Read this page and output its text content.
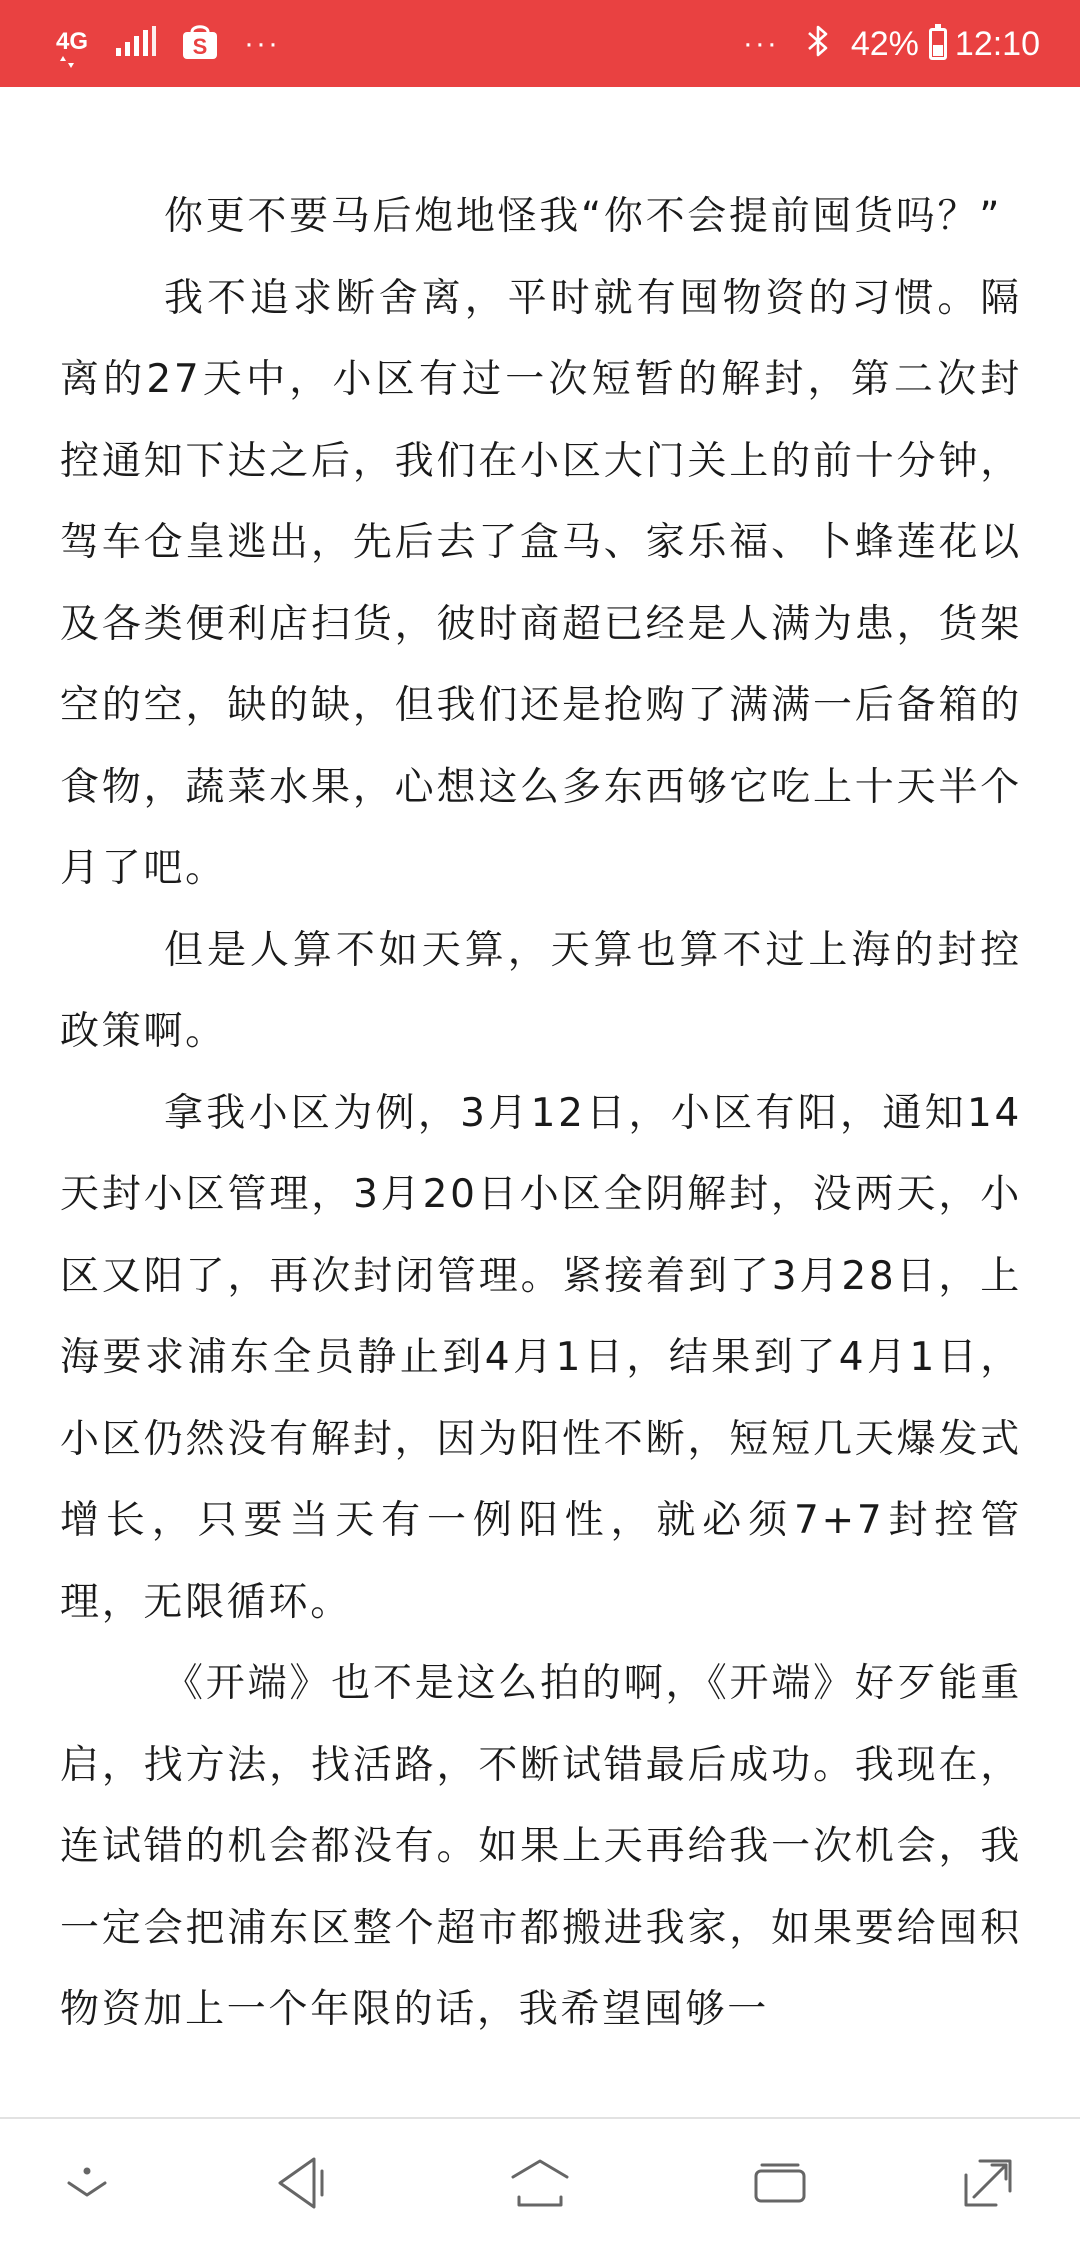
4G	S ···	··· 42% 12:10

你更不要马后炮地怪我“你不会提前囤货吗？”

我不追求断舍离，平时就有囤物资的习惯。隔离的27天中，小区有过一次短暂的解封，第二次封控通知下达之后，我们在小区大门关上的前十分钟，驾车仓皇逃出，先后去了盒马、家乐福、卜蜂莲花以及各类便利店扫货，彼时商超已经是人满为患，货架空的空，缺的缺，但我们还是抢购了满满一后备箱的食物，蔬菜水果，心想这么多东西够它吃上十天半个月了吧。

但是人算不如天算，天算也算不过上海的封控政策啊。

拿我小区为例，3月12日，小区有阳，通知14天封小区管理，3月20日小区全阴解封，没两天，小区又阳了，再次封闭管理。紧接着到了3月28日，上海要求浦东全员静止到4月1日，结果到了4月1日，小区仍然没有解封，因为阳性不断，短短几天爆发式增长，只要当天有一例阳性，就必须7+7封控管理，无限循环。

《开端》也不是这么拍的啊，《开端》好歹能重启，找方法，找活路，不断试错最后成功。我现在，连试错的机会都没有。如果上天再给我一次机会，我一定会把浦东区整个超市都搬进我家，如果要给囤积物资加上一个年限的话，我希望囤够一
